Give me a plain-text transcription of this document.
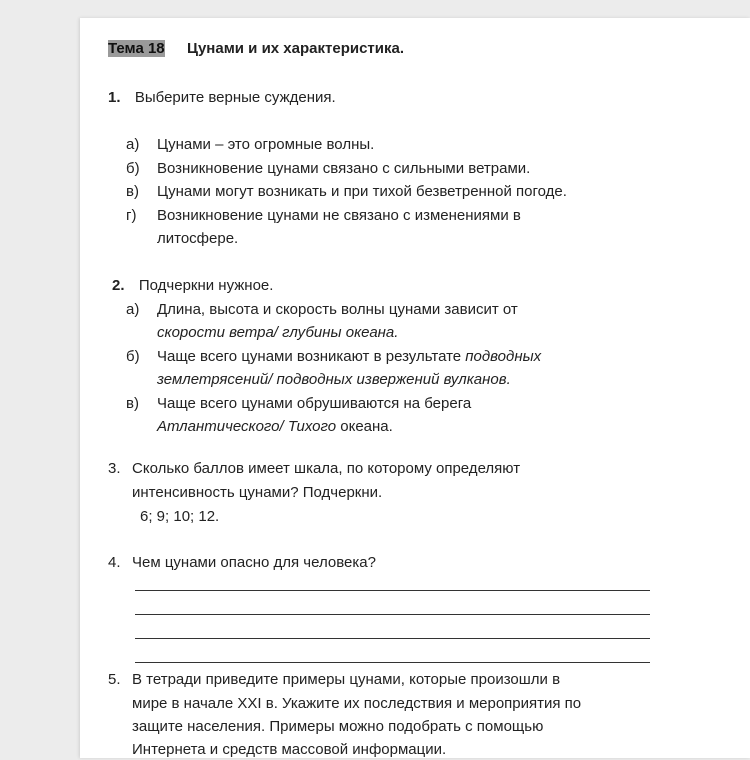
Тема 18 Цунами и их характеристика.
1. Выберите верные суждения.
а) Цунами – это огромные волны.
б) Возникновение цунами связано с сильными ветрами.
в) Цунами могут возникать и при тихой безветренной погоде.
г) Возникновение цунами не связано с изменениями в
литосфере.
2. Подчеркни нужное.
а) Длина, высота и скорость волны цунами зависит от
скорости ветра/ глубины океана.
б) Чаще всего цунами возникают в результате подводных
землетрясений/ подводных извержений вулканов.
в) Чаще всего цунами обрушиваются на берега
Атлантического/ Тихого океана.
3. Сколько баллов имеет шкала, по которому определяют
интенсивность цунами? Подчеркни.
6; 9; 10; 12.
4. Чем цунами опасно для человека?
5. В тетради приведите примеры цунами, которые произошли в
мире в начале XXI в. Укажите их последствия и мероприятия по
защите населения. Примеры можно подобрать с помощью
Интернета и средств массовой информации.
